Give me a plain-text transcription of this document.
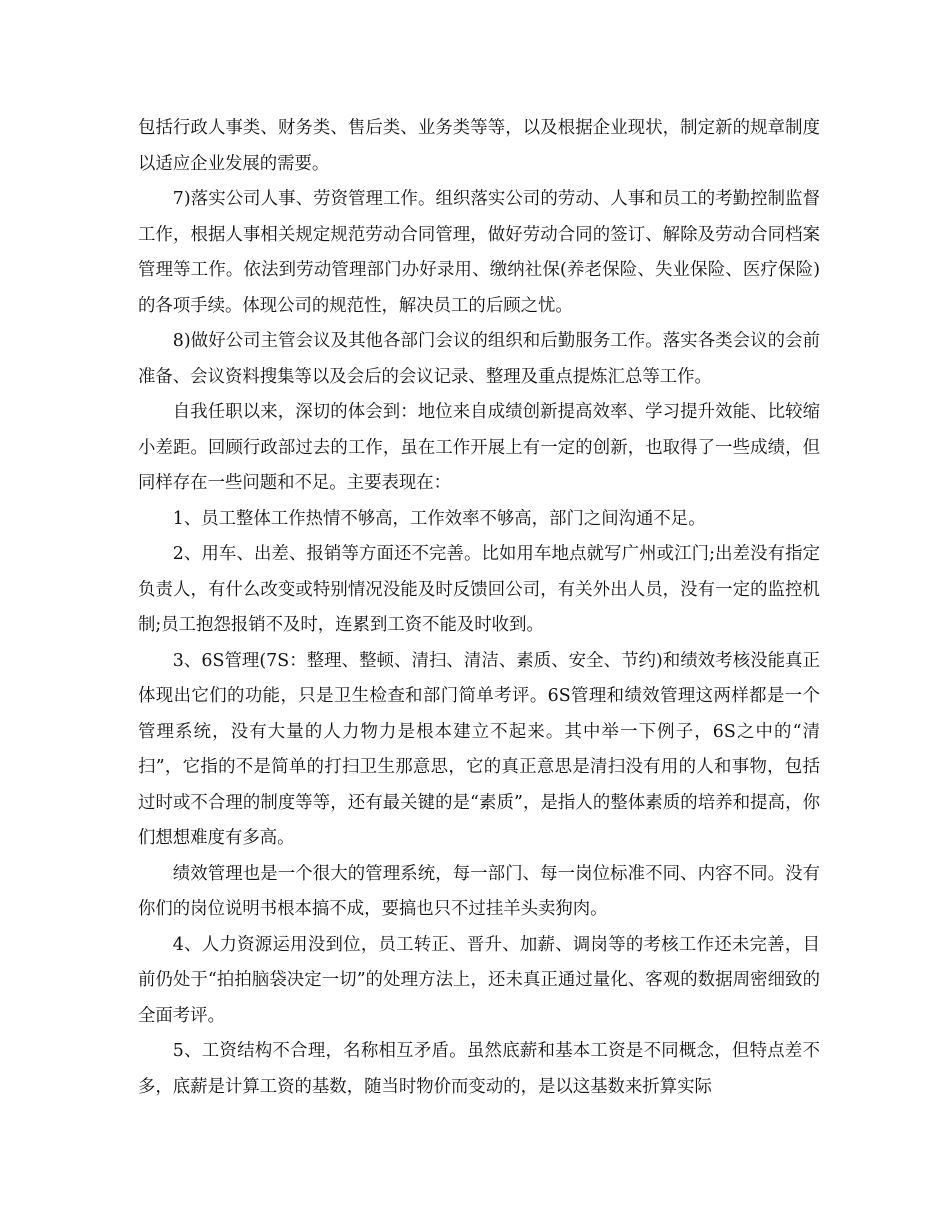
包括行政人事类、财务类、售后类、业务类等等，以及根据企业现状，制定新的规章制度以适应企业发展的需要。

7)落实公司人事、劳资管理工作。组织落实公司的劳动、人事和员工的考勤控制监督工作，根据人事相关规定规范劳动合同管理，做好劳动合同的签订、解除及劳动合同档案管理等工作。依法到劳动管理部门办好录用、缴纳社保(养老保险、失业保险、医疗保险)的各项手续。体现公司的规范性，解决员工的后顾之忧。

8)做好公司主管会议及其他各部门会议的组织和后勤服务工作。落实各类会议的会前准备、会议资料搜集等以及会后的会议记录、整理及重点提炼汇总等工作。

自我任职以来，深切的体会到：地位来自成绩创新提高效率、学习提升效能、比较缩小差距。回顾行政部过去的工作，虽在工作开展上有一定的创新，也取得了一些成绩，但同样存在一些问题和不足。主要表现在：

1、员工整体工作热情不够高，工作效率不够高，部门之间沟通不足。

2、用车、出差、报销等方面还不完善。比如用车地点就写广州或江门;出差没有指定负责人，有什么改变或特别情况没能及时反馈回公司，有关外出人员，没有一定的监控机制;员工抱怨报销不及时，连累到工资不能及时收到。

3、6S管理(7S：整理、整顿、清扫、清洁、素质、安全、节约)和绩效考核没能真正体现出它们的功能，只是卫生检查和部门简单考评。6S管理和绩效管理这两样都是一个管理系统，没有大量的人力物力是根本建立不起来。其中举一下例子，6S之中的“清扫”，它指的不是简单的打扫卫生那意思，它的真正意思是清扫没有用的人和事物，包括过时或不合理的制度等等，还有最关键的是“素质”，是指人的整体素质的培养和提高，你们想想难度有多高。

绩效管理也是一个很大的管理系统，每一部门、每一岗位标准不同、内容不同。没有你们的岗位说明书根本搞不成，要搞也只不过挂羊头卖狗肉。

4、人力资源运用没到位，员工转正、晋升、加薪、调岗等的考核工作还未完善，目前仍处于“拍拍脑袋决定一切”的处理方法上，还未真正通过量化、客观的数据周密细致的全面考评。

5、工资结构不合理，名称相互矛盾。虽然底薪和基本工资是不同概念，但特点差不多，底薪是计算工资的基数，随当时物价而变动的，是以这基数来折算实际
